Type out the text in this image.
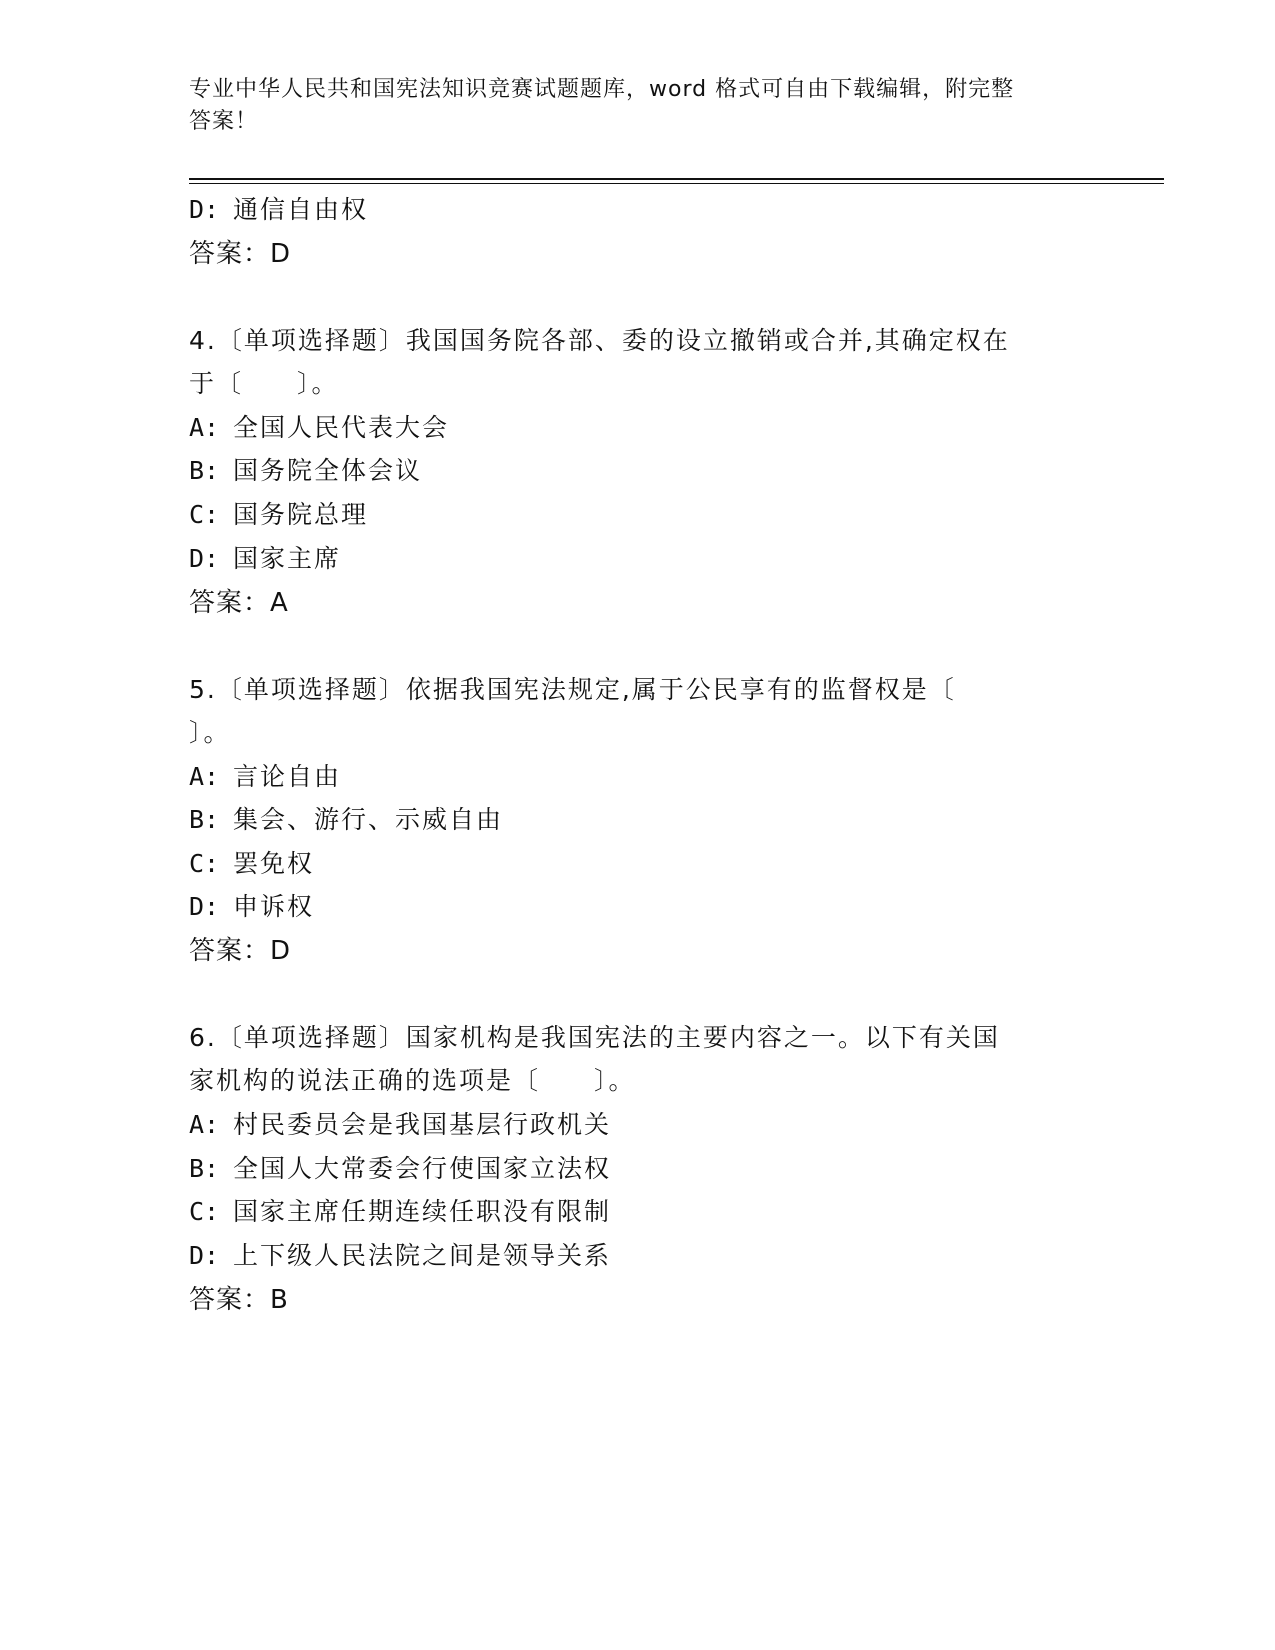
专业中华人民共和国宪法知识竞赛试题题库，word 格式可自由下载编辑，附完整
答案！
D: 通信自由权
答案：D
4.〔单项选择题〕我国国务院各部、委的设立撤销或合并,其确定权在
于〔　　〕。
A: 全国人民代表大会
B: 国务院全体会议
C: 国务院总理
D: 国家主席
答案：A
5.〔单项选择题〕依据我国宪法规定,属于公民享有的监督权是〔
〕。
A: 言论自由
B: 集会、游行、示威自由
C: 罢免权
D: 申诉权
答案：D
6.〔单项选择题〕国家机构是我国宪法的主要内容之一。以下有关国
家机构的说法正确的选项是〔　　〕。
A: 村民委员会是我国基层行政机关
B: 全国人大常委会行使国家立法权
C: 国家主席任期连续任职没有限制
D: 上下级人民法院之间是领导关系
答案：B
